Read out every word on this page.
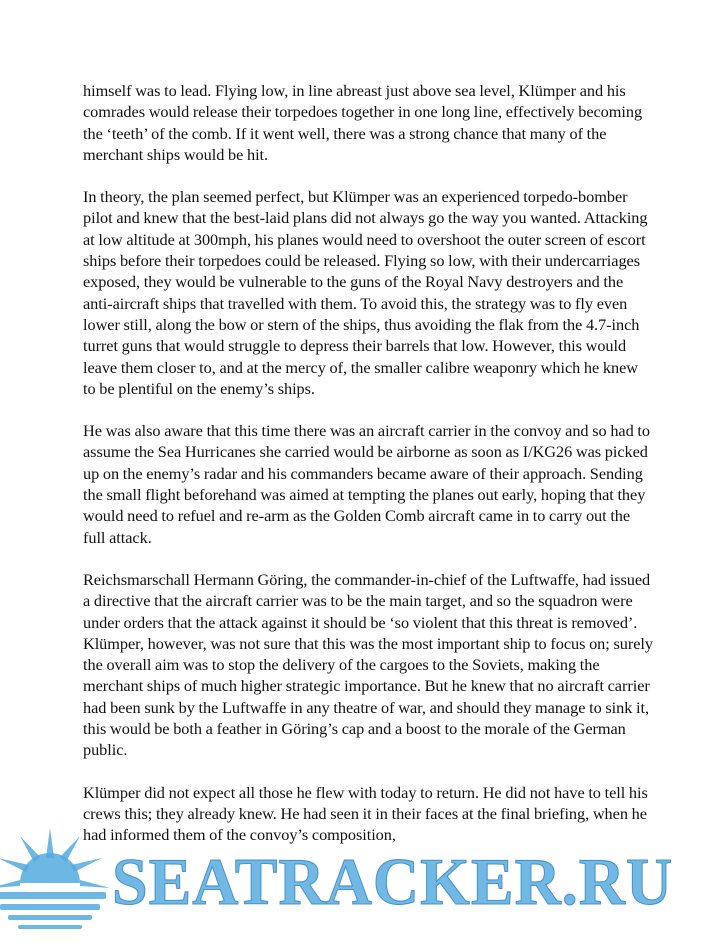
himself was to lead. Flying low, in line abreast just above sea level, Klümper and his comrades would release their torpedoes together in one long line, effectively becoming the ‘teeth’ of the comb. If it went well, there was a strong chance that many of the merchant ships would be hit.

In theory, the plan seemed perfect, but Klümper was an experienced torpedo-bomber pilot and knew that the best-laid plans did not always go the way you wanted. Attacking at low altitude at 300mph, his planes would need to overshoot the outer screen of escort ships before their torpedoes could be released. Flying so low, with their undercarriages exposed, they would be vulnerable to the guns of the Royal Navy destroyers and the anti-aircraft ships that travelled with them. To avoid this, the strategy was to fly even lower still, along the bow or stern of the ships, thus avoiding the flak from the 4.7-inch turret guns that would struggle to depress their barrels that low. However, this would leave them closer to, and at the mercy of, the smaller calibre weaponry which he knew to be plentiful on the enemy’s ships.

He was also aware that this time there was an aircraft carrier in the convoy and so had to assume the Sea Hurricanes she carried would be airborne as soon as I/KG26 was picked up on the enemy’s radar and his commanders became aware of their approach. Sending the small flight beforehand was aimed at tempting the planes out early, hoping that they would need to refuel and re-arm as the Golden Comb aircraft came in to carry out the full attack.

Reichsmarschall Hermann Göring, the commander-in-chief of the Luftwaffe, had issued a directive that the aircraft carrier was to be the main target, and so the squadron were under orders that the attack against it should be ‘so violent that this threat is removed’. Klümper, however, was not sure that this was the most important ship to focus on; surely the overall aim was to stop the delivery of the cargoes to the Soviets, making the merchant ships of much higher strategic importance. But he knew that no aircraft carrier had been sunk by the Luftwaffe in any theatre of war, and should they manage to sink it, this would be both a feather in Göring’s cap and a boost to the morale of the German public.

Klümper did not expect all those he flew with today to return. He did not have to tell his crews this; they already knew. He had seen it in their faces at the final briefing, when he had informed them of the convoy’s composition,

SEATRACKER.RU
